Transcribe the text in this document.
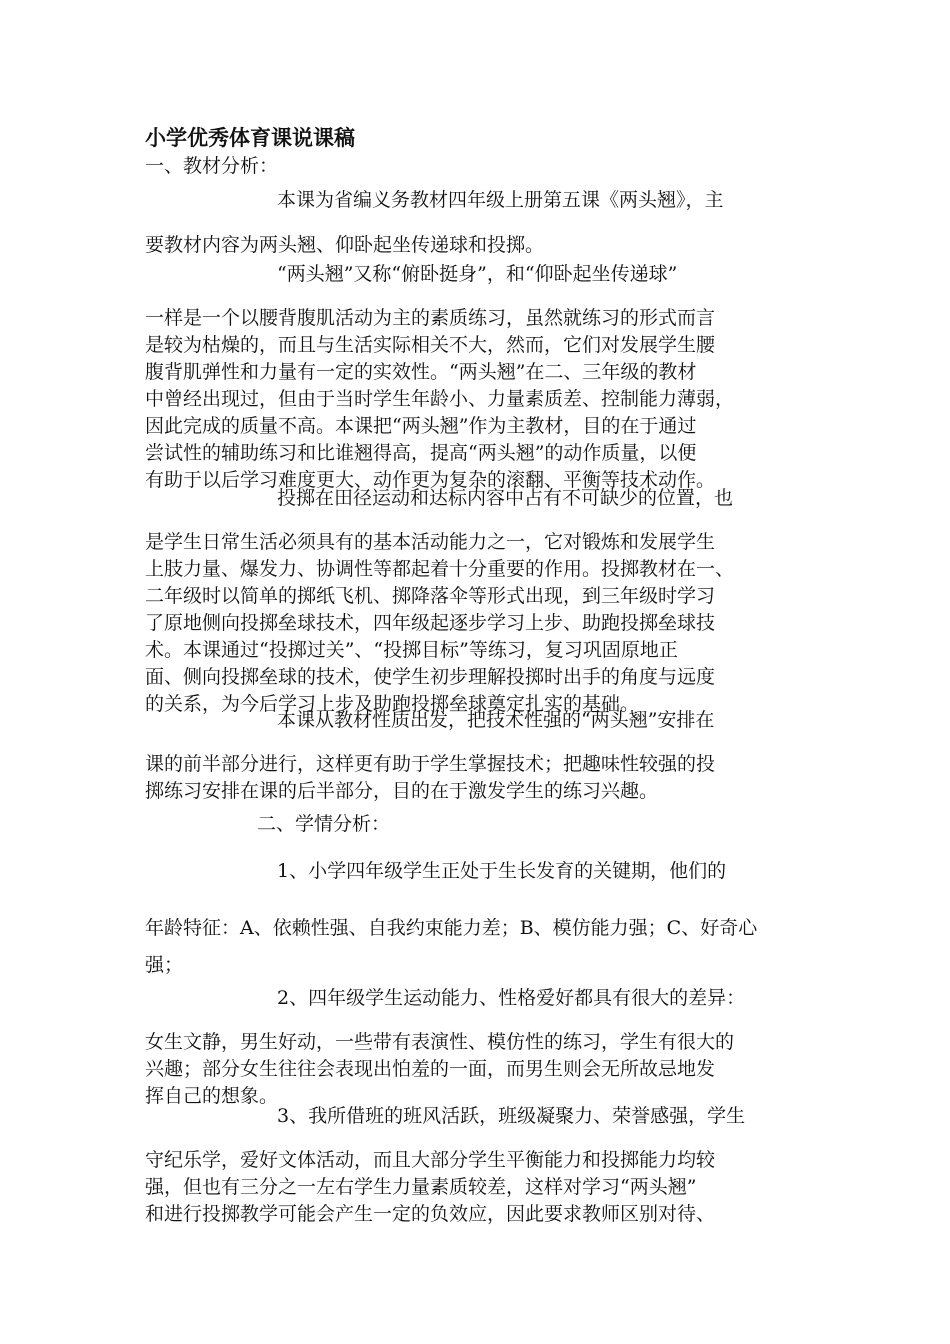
小学优秀体育课说课稿
一、教材分析：
本课为省编义务教材四年级上册第五课《两头翘》，主
要教材内容为两头翘、仰卧起坐传递球和投掷。
“两头翘”又称“俯卧挺身”，和“仰卧起坐传递球”
一样是一个以腰背腹肌活动为主的素质练习，虽然就练习的形式而言
是较为枯燥的，而且与生活实际相关不大，然而，它们对发展学生腰
腹背肌弹性和力量有一定的实效性。“两头翘”在二、三年级的教材
中曾经出现过，但由于当时学生年龄小、力量素质差、控制能力薄弱，
因此完成的质量不高。本课把“两头翘”作为主教材，目的在于通过
尝试性的辅助练习和比谁翘得高，提高“两头翘”的动作质量，以便
有助于以后学习难度更大、动作更为复杂的滚翻、平衡等技术动作。
投掷在田径运动和达标内容中占有不可缺少的位置，也
是学生日常生活必须具有的基本活动能力之一，它对锻炼和发展学生
上肢力量、爆发力、协调性等都起着十分重要的作用。投掷教材在一、
二年级时以简单的掷纸飞机、掷降落伞等形式出现，到三年级时学习
了原地侧向投掷垒球技术，四年级起逐步学习上步、助跑投掷垒球技
术。本课通过“投掷过关”、“投掷目标”等练习，复习巩固原地正
面、侧向投掷垒球的技术，使学生初步理解投掷时出手的角度与远度
的关系，为今后学习上步及助跑投掷垒球奠定扎实的基础。
本课从教材性质出发，把技术性强的“两头翘”安排在
课的前半部分进行，这样更有助于学生掌握技术；把趣味性较强的投
掷练习安排在课的后半部分，目的在于激发学生的练习兴趣。
二、学情分析：
1、小学四年级学生正处于生长发育的关键期，他们的
年龄特征：A、依赖性强、自我约束能力差；B、模仿能力强；C、好奇心
强；
2、四年级学生运动能力、性格爱好都具有很大的差异：
女生文静，男生好动，一些带有表演性、模仿性的练习，学生有很大的
兴趣；部分女生往往会表现出怕羞的一面，而男生则会无所故忌地发
挥自己的想象。
3、我所借班的班风活跃，班级凝聚力、荣誉感强，学生
守纪乐学，爱好文体活动，而且大部分学生平衡能力和投掷能力均较
强，但也有三分之一左右学生力量素质较差，这样对学习“两头翘”
和进行投掷教学可能会产生一定的负效应，因此要求教师区别对待、
